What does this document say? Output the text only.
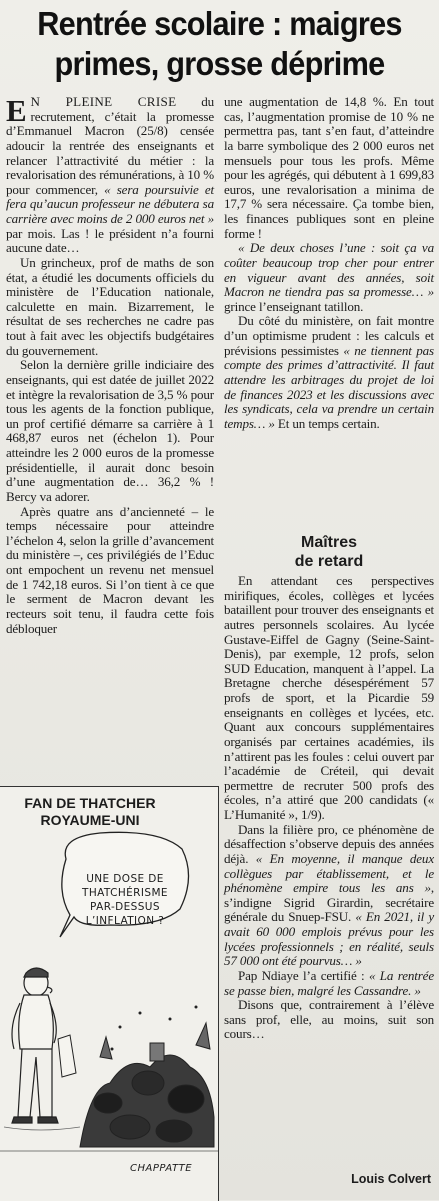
Rentrée scolaire : maigres
primes, grosse déprime

E N PLEINE CRISE du recrutement, c’était la promesse d’Emmanuel Macron (25/8) censée adoucir la rentrée des enseignants et relancer l’attractivité du métier : la revalorisation des rémunérations, à 10 % pour commencer, « sera poursuivie et fera qu’aucun professeur ne débutera sa carrière avec moins de 2 000 euros net » par mois. Las ! le président n’a fourni aucune date…

Un grincheux, prof de maths de son état, a étudié les documents officiels du ministère de l’Education nationale, calculette en main. Bizarrement, le résultat de ses recherches ne cadre pas tout à fait avec les objectifs budgétaires du gouvernement.

Selon la dernière grille indiciaire des enseignants, qui est datée de juillet 2022 et intègre la revalorisation de 3,5 % pour tous les agents de la fonction publique, un prof certifié démarre sa carrière à 1 468,87 euros net (échelon 1). Pour atteindre les 2 000 euros de la promesse présidentielle, il aurait donc besoin d’une augmentation de… 36,2 % ! Bercy va adorer.

Après quatre ans d’ancienneté – le temps nécessaire pour atteindre l’échelon 4, selon la grille d’avancement du ministère –, ces privilégiés de l’Educ ont empochent un revenu net mensuel de 1 742,18 euros. Si l’on tient à ce que le serment de Macron devant les recteurs soit tenu, il faudra cette fois débloquer

une augmentation de 14,8 %. En tout cas, l’augmentation promise de 10 % ne permettra pas, tant s’en faut, d’atteindre la barre symbolique des 2 000 euros net mensuels pour tous les profs. Même pour les agrégés, qui débutent à 1 699,83 euros, une revalorisation a minima de 17,7 % sera nécessaire. Ça tombe bien, les finances publiques sont en pleine forme !

« De deux choses l’une : soit ça va coûter beaucoup trop cher pour entrer en vigueur avant des années, soit Macron ne tiendra pas sa promesse… » grince l’enseignant tatillon.

Du côté du ministère, on fait montre d’un optimisme prudent : les calculs et prévisions pessimistes « ne tiennent pas compte des primes d’attractivité. Il faut attendre les arbitrages du projet de loi de finances 2023 et les discussions avec les syndicats, cela va prendre un certain temps… » Et un temps certain.

Maîtres
de retard

En attendant ces perspectives mirifiques, écoles, collèges et lycées bataillent pour trouver des enseignants et autres personnels scolaires. Au lycée Gustave-Eiffel de Gagny (Seine-Saint-Denis), par exemple, 12 profs, selon SUD Education, manquent à l’appel. La Bretagne cherche désespérément 57 profs de sport, et la Picardie 59 enseignants en collèges et lycées, etc. Quant aux concours supplémentaires organisés par certaines académies, ils n’attirent pas les foules : celui ouvert par l’académie de Créteil, qui devait permettre de recruter 500 profs des écoles, n’a attiré que 200 candidats (« L’Humanité », 1/9).

Dans la filière pro, ce phénomène de désaffection s’observe depuis des années déjà. « En moyenne, il manque deux collègues par établissement, et le phénomène empire tous les ans », s’indigne Sigrid Girardin, secrétaire générale du Snuep-FSU. « En 2021, il y avait 60 000 emplois prévus pour les lycées professionnels ; en réalité, seuls 57 000 ont été pourvus… »

Pap Ndiaye l’a certifié : « La rentrée se passe bien, malgré les Cassandre. »

Disons que, contrairement à l’élève sans prof, elle, au moins, suit son cours…

Louis Colvert
FAN DE THATCHER
ROYAUME-UNI
UNE DOSE DE
THATCHÉRISME
PAR-DESSUS
L’INFLATION ?
CHAPPATTE
